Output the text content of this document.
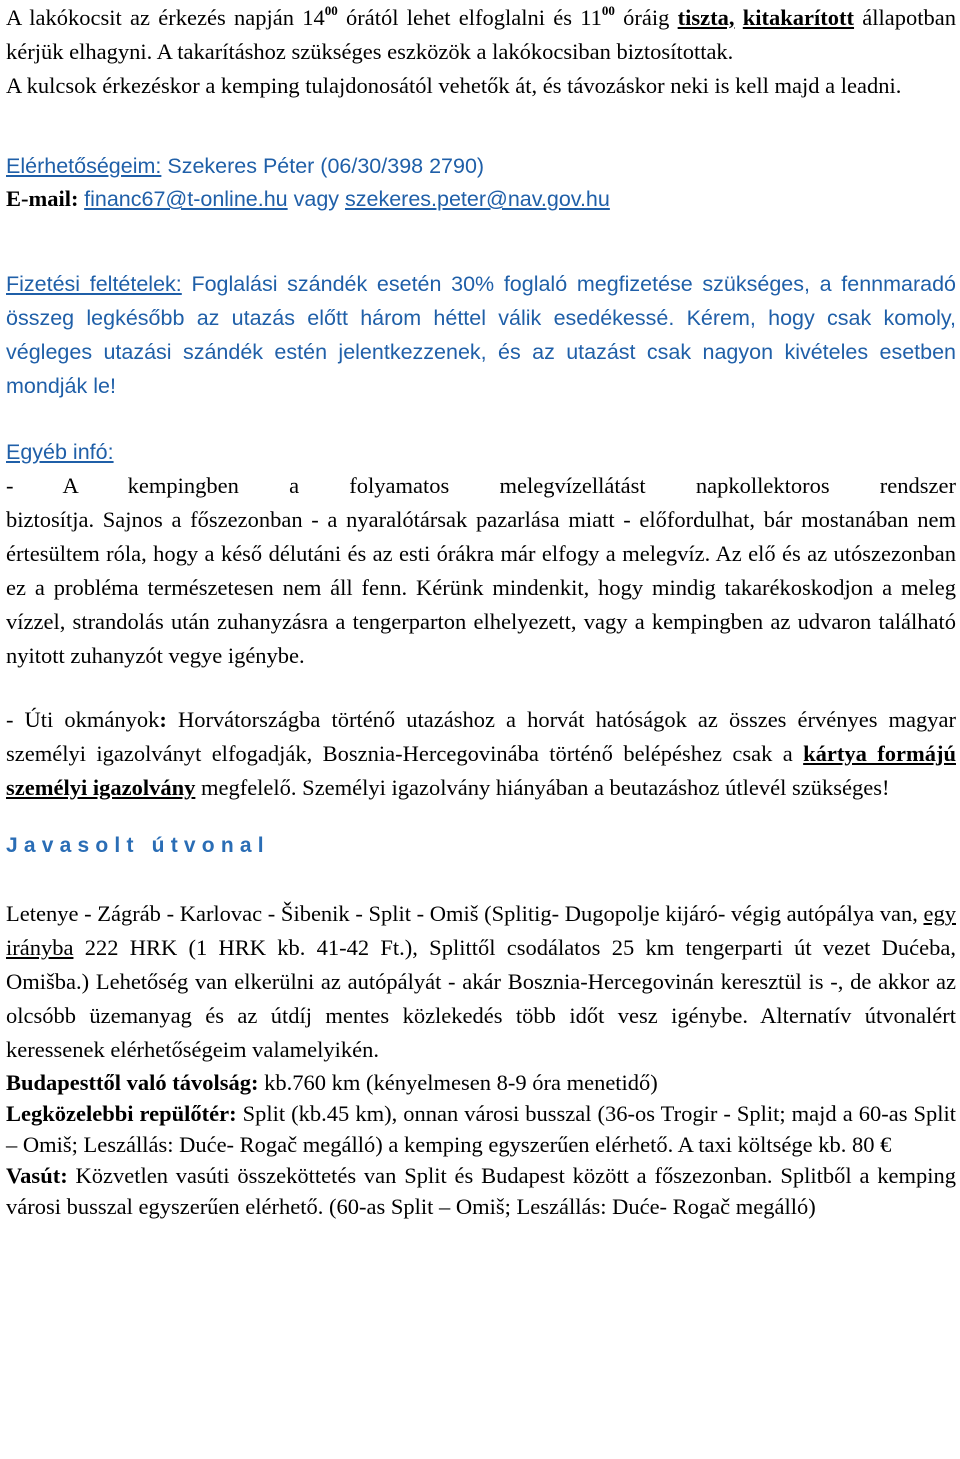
A lakókocsit az érkezés napján $14^{00}$ órától lehet elfoglalni és $11^{00}$ óráig tiszta, kitakarított állapotban kérjük elhagyni. A takarításhoz szükséges eszközök a lakókocsiban biztosítottak.

A kulcsok érkezéskor a kemping tulajdonosától vehetők át, és távozáskor neki is kell majd a leadni.

Elérhetőségeim: Szekeres Péter (06/30/398 2790)

E-mail: financ67@t-online.hu vagy szekeres.peter@nav.gov.hu

Fizetési feltételek: Foglalási szándék esetén 30% foglaló megfizetése szükséges, a fennmaradó összeg legkésőbb az utazás előtt három héttel válik esedékessé. Kérem, hogy csak komoly, végleges utazási szándék estén jelentkezzenek, és az utazást csak nagyon kivételes esetben mondják le!

Egyéb infó:

- A kempingben a folyamatos melegvízellátást napkollektoros rendszer

biztosítja. Sajnos a főszezonban - a nyaralótársak pazarlása miatt - előfordulhat, bár mostanában nem értesültem róla, hogy a késő délutáni és az esti órákra már elfogy a melegvíz. Az elő és az utószezonban ez a probléma természetesen nem áll fenn. Kérünk mindenkit, hogy mindig takarékoskodjon a meleg vízzel, strandolás után zuhanyzásra a tengerparton elhelyezett, vagy a kempingben az udvaron található nyitott zuhanyzót vegye igénybe.

- Úti okmányok: Horvátországba történő utazáshoz a horvát hatóságok az összes érvényes magyar személyi igazolványt elfogadják, Bosznia-Hercegovinába történő belépéshez csak a kártya formájú személyi igazolvány megfelelő. Személyi igazolvány hiányában a beutazáshoz útlevél szükséges!

Javasolt útvonal

Letenye - Zágráb - Karlovac - Šibenik - Split - Omiš (Splitig- Dugopolje kijáró- végig autópálya van, egy irányba 222 HRK (1 HRK kb. 41-42 Ft.), Splittől csodálatos 25 km tengerparti út vezet Dućeba, Omišba.) Lehetőség van elkerülni az autópályát - akár Bosznia-Hercegovinán keresztül is -, de akkor az olcsóbb üzemanyag és az útdíj mentes közlekedés több időt vesz igénybe. Alternatív útvonalért keressenek elérhetőségeim valamelyikén.

Budapesttől való távolság: kb.760 km (kényelmesen 8-9 óra menetidő)

Legközelebbi repülőtér: Split (kb.45 km), onnan városi busszal (36-os Trogir - Split; majd a 60-as Split – Omiš; Leszállás: Duće- Rogač megálló) a kemping egyszerűen elérhető. A taxi költsége kb. 80 €

Vasút: Közvetlen vasúti összeköttetés van Split és Budapest között a főszezonban. Splitből a kemping városi busszal egyszerűen elérhető. (60-as Split – Omiš; Leszállás: Duće- Rogač megálló)
